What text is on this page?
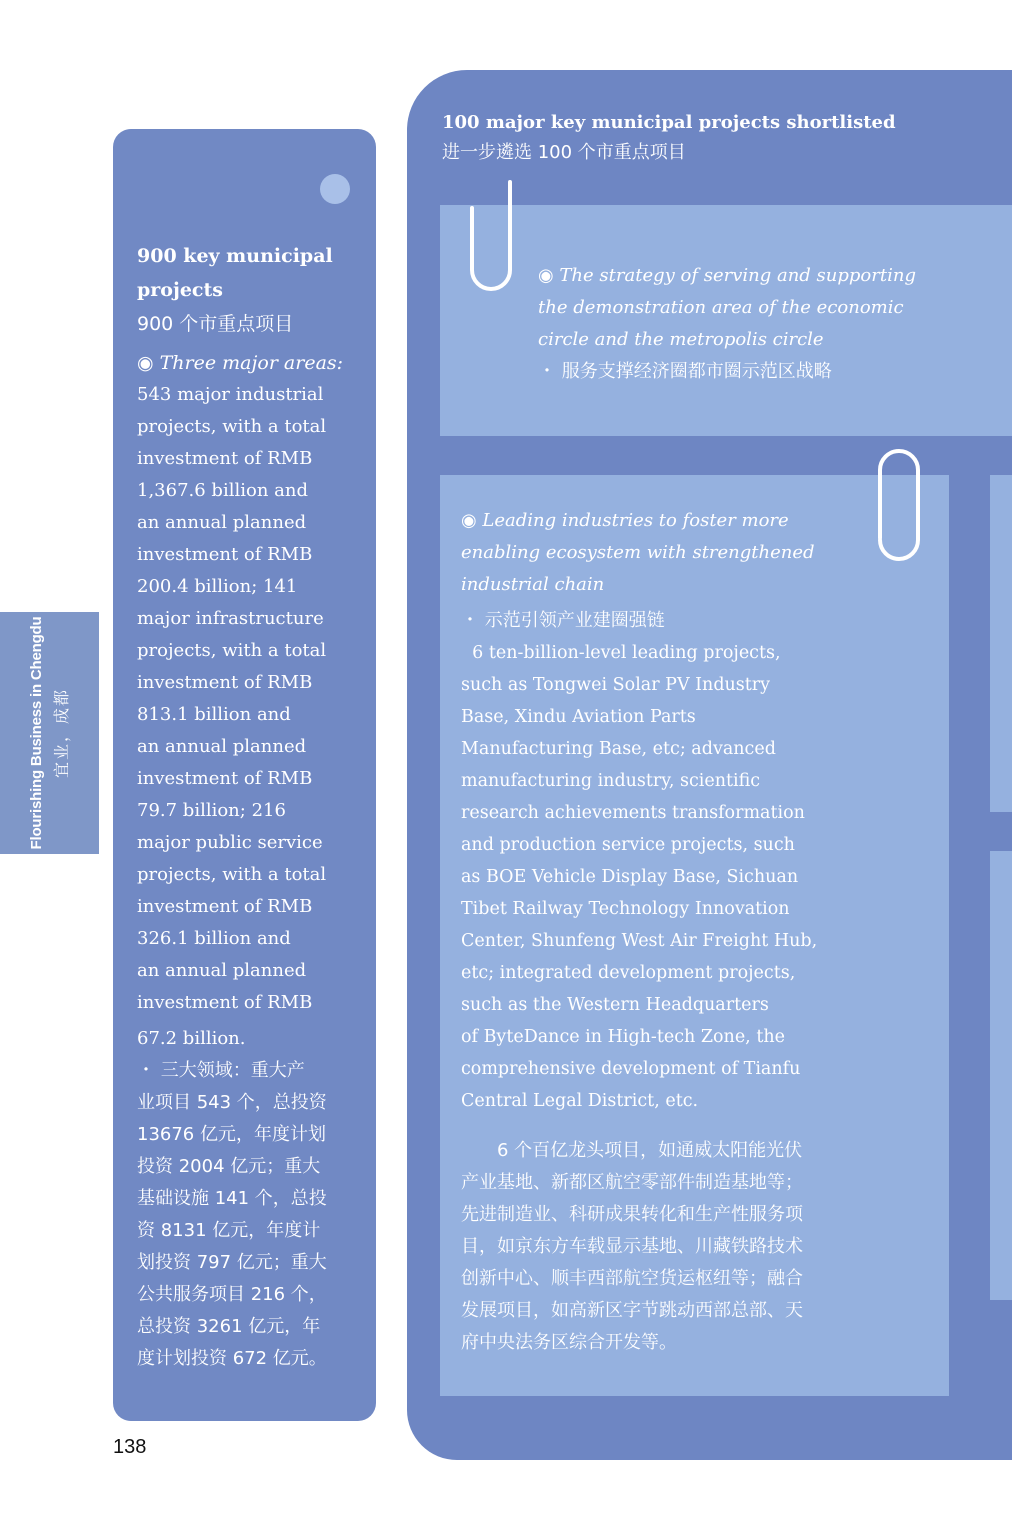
Flourishing Business in Chengdu 宜业，成都

900 key municipal

projects

900 个市重点项目

◉ Three major areas:

543 major industrial

projects, with a total

investment of RMB

1,367.6 billion and

an annual planned

investment of RMB

200.4 billion; 141

major infrastructure

projects, with a total

investment of RMB

813.1 billion and

an annual planned

investment of RMB

79.7 billion; 216

major public service

projects, with a total

investment of RMB

326.1 billion and

an annual planned

investment of RMB

67.2 billion.

・ 三大领域：重大产

业项目 543 个，总投资

13676 亿元，年度计划

投资 2004 亿元；重大

基础设施 141 个，总投

资 8131 亿元，年度计

划投资 797 亿元；重大

公共服务项目 216 个，

总投资 3261 亿元，年

度计划投资 672 亿元。

138

100 major key municipal projects shortlisted

进一步遴选 100 个市重点项目

◉ The strategy of serving and supporting

the demonstration area of the economic

circle and the metropolis circle

・ 服务支撑经济圈都市圈示范区战略

◉ Leading industries to foster more

enabling ecosystem with strengthened

industrial chain

・ 示范引领产业建圈强链

6 ten-billion-level leading projects,

such as Tongwei Solar PV Industry

Base, Xindu Aviation Parts

Manufacturing Base, etc; advanced

manufacturing industry, scientific

research achievements transformation

and production service projects, such

as BOE Vehicle Display Base, Sichuan

Tibet Railway Technology Innovation

Center, Shunfeng West Air Freight Hub,

etc; integrated development projects,

such as the Western Headquarters

of ByteDance in High-tech Zone, the

comprehensive development of Tianfu

Central Legal District, etc.

　　6 个百亿龙头项目，如通威太阳能光伏

产业基地、新都区航空零部件制造基地等；

先进制造业、科研成果转化和生产性服务项

目，如京东方车载显示基地、川藏铁路技术

创新中心、顺丰西部航空货运枢纽等；融合

发展项目，如高新区字节跳动西部总部、天

府中央法务区综合开发等。
